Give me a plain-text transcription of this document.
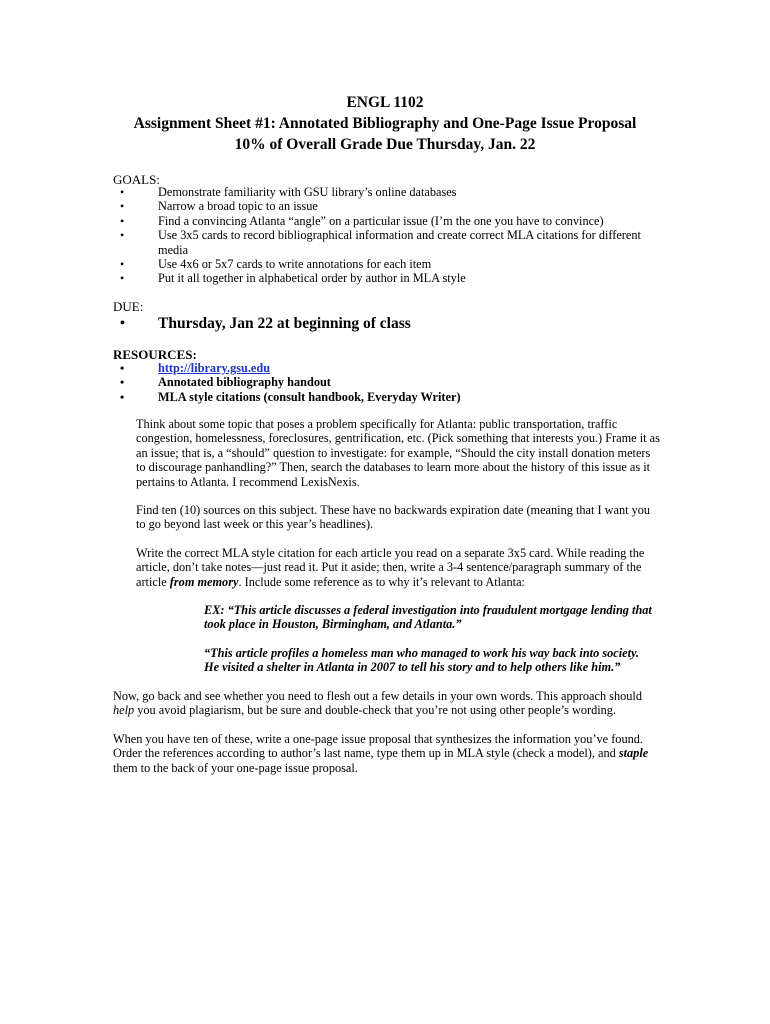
ENGL 1102
Assignment Sheet #1: Annotated Bibliography and One-Page Issue Proposal
10% of Overall Grade Due Thursday, Jan. 22
GOALS:
•	Demonstrate familiarity with GSU library’s online databases
•	Narrow a broad topic to an issue
•	Find a convincing Atlanta “angle” on a particular issue (I’m the one you have to convince)
•	Use 3x5 cards to record bibliographical information and create correct MLA citations for different media
•	Use 4x6 or 5x7 cards to write annotations for each item
•	Put it all together in alphabetical order by author in MLA style
DUE:
• Thursday, Jan 22 at beginning of class
RESOURCES:
•	http://library.gsu.edu
•	Annotated bibliography handout
•	MLA style citations (consult handbook, Everyday Writer)

Think about some topic that poses a problem specifically for Atlanta: public transportation, traffic congestion, homelessness, foreclosures, gentrification, etc. (Pick something that interests you.) Frame it as an issue; that is, a “should” question to investigate: for example, “Should the city install donation meters to discourage panhandling?” Then, search the databases to learn more about the history of this issue as it pertains to Atlanta. I recommend LexisNexis.

Find ten (10) sources on this subject. These have no backwards expiration date (meaning that I want you to go beyond last week or this year’s headlines).

Write the correct MLA style citation for each article you read on a separate 3x5 card. While reading the article, don’t take notes—just read it. Put it aside; then, write a 3-4 sentence/paragraph summary of the article from memory. Include some reference as to why it’s relevant to Atlanta:

EX: “This article discusses a federal investigation into fraudulent mortgage lending that took place in Houston, Birmingham, and Atlanta.”

“This article profiles a homeless man who managed to work his way back into society. He visited a shelter in Atlanta in 2007 to tell his story and to help others like him.”

Now, go back and see whether you need to flesh out a few details in your own words. This approach should help you avoid plagiarism, but be sure and double-check that you’re not using other people’s wording.

When you have ten of these, write a one-page issue proposal that synthesizes the information you’ve found. Order the references according to author’s last name, type them up in MLA style (check a model), and staple them to the back of your one-page issue proposal.
